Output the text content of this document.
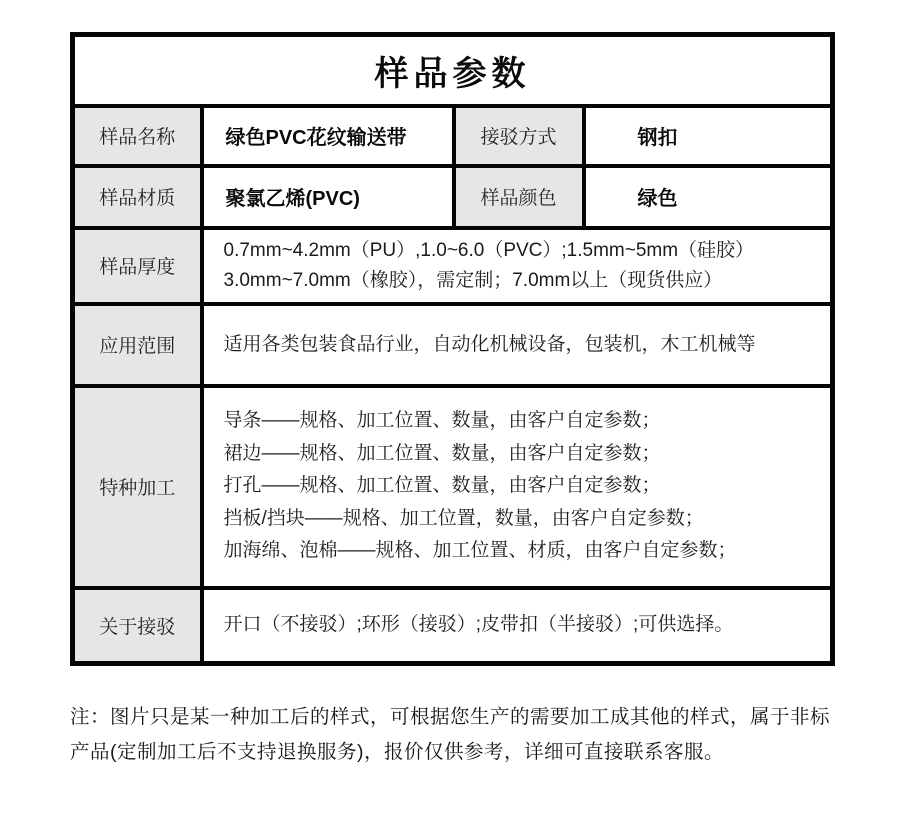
样品参数			
样品名称	绿色PVC花纹输送带	接驳方式	钢扣
样品材质	聚氯乙烯(PVC)	样品颜色	绿色
样品厚度	0.7mm~4.2mm（PU）,1.0~6.0（PVC）;1.5mm~5mm（硅胶）
3.0mm~7.0mm（橡胶），需定制；7.0mm以上（现货供应）		

应用范围	适用各类包装食品行业，自动化机械设备，包装机，木工机械等		

特种加工	导条——规格、加工位置、数量，由客户自定参数；
裙边——规格、加工位置、数量，由客户自定参数；
打孔——规格、加工位置、数量，由客户自定参数；
挡板/挡块——规格、加工位置，数量，由客户自定参数；
加海绵、泡棉——规格、加工位置、材质，由客户自定参数；		

关于接驳	开口（不接驳）;环形（接驳）;皮带扣（半接驳）;可供选择。		
注：图片只是某一种加工后的样式，可根据您生产的需要加工成其他的样式，属于非标产品(定制加工后不支持退换服务)，报价仅供参考，详细可直接联系客服。
